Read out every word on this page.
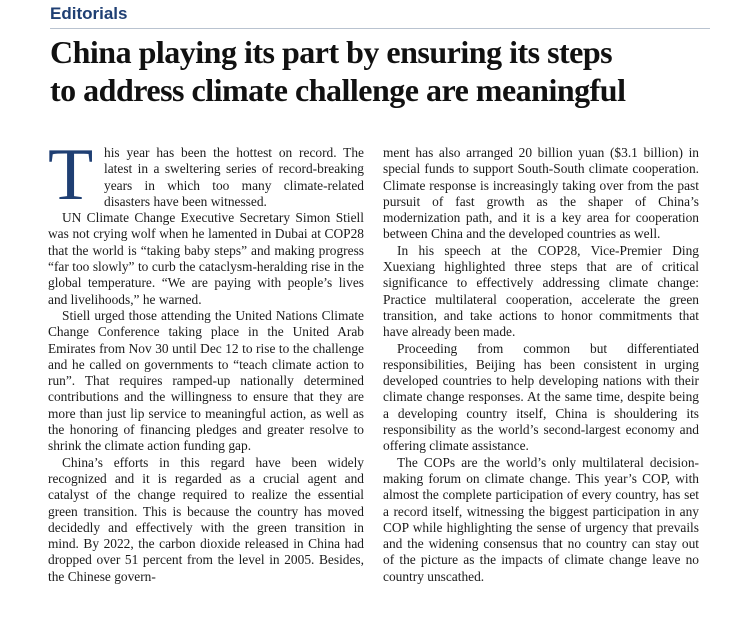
Editorials
China playing its part by ensuring its steps
to address climate challenge are meaningful

T his year has been the hottest on record. The latest in a sweltering series of record-breaking years in which too many climate-related disasters have been witnessed.

UN Climate Change Executive Secretary Simon Stiell was not crying wolf when he lamented in Dubai at COP28 that the world is “taking baby steps” and making progress “far too slowly” to curb the cataclysm-heralding rise in the global temperature. “We are paying with people’s lives and livelihoods,” he warned.

Stiell urged those attending the United Nations Climate Change Conference taking place in the United Arab Emirates from Nov 30 until Dec 12 to rise to the challenge and he called on governments to “teach climate action to run”. That requires ramped-up nationally determined contributions and the willingness to ensure that they are more than just lip service to meaningful action, as well as the honoring of financing pledges and greater resolve to shrink the climate action funding gap.

China’s efforts in this regard have been widely recognized and it is regarded as a crucial agent and catalyst of the change required to realize the essential green transition. This is because the country has moved decidedly and effectively with the green transition in mind. By 2022, the carbon dioxide released in China had dropped over 51 percent from the level in 2005. Besides, the Chinese govern-

ment has also arranged 20 billion yuan ($3.1 billion) in special funds to support South-South climate cooperation. Climate response is increasingly taking over from the past pursuit of fast growth as the shaper of China’s modernization path, and it is a key area for cooperation between China and the developed countries as well.

In his speech at the COP28, Vice-Premier Ding Xuexiang highlighted three steps that are of critical significance to effectively addressing climate change: Practice multilateral cooperation, accelerate the green transition, and take actions to honor commitments that have already been made.

Proceeding from common but differentiated responsibilities, Beijing has been consistent in urging developed countries to help developing nations with their climate change responses. At the same time, despite being a developing country itself, China is shouldering its responsibility as the world’s second-largest economy and offering climate assistance.

The COPs are the world’s only multilateral decision-making forum on climate change. This year’s COP, with almost the complete participation of every country, has set a record itself, witnessing the biggest participation in any COP while highlighting the sense of urgency that prevails and the widening consensus that no country can stay out of the picture as the impacts of climate change leave no country unscathed.
